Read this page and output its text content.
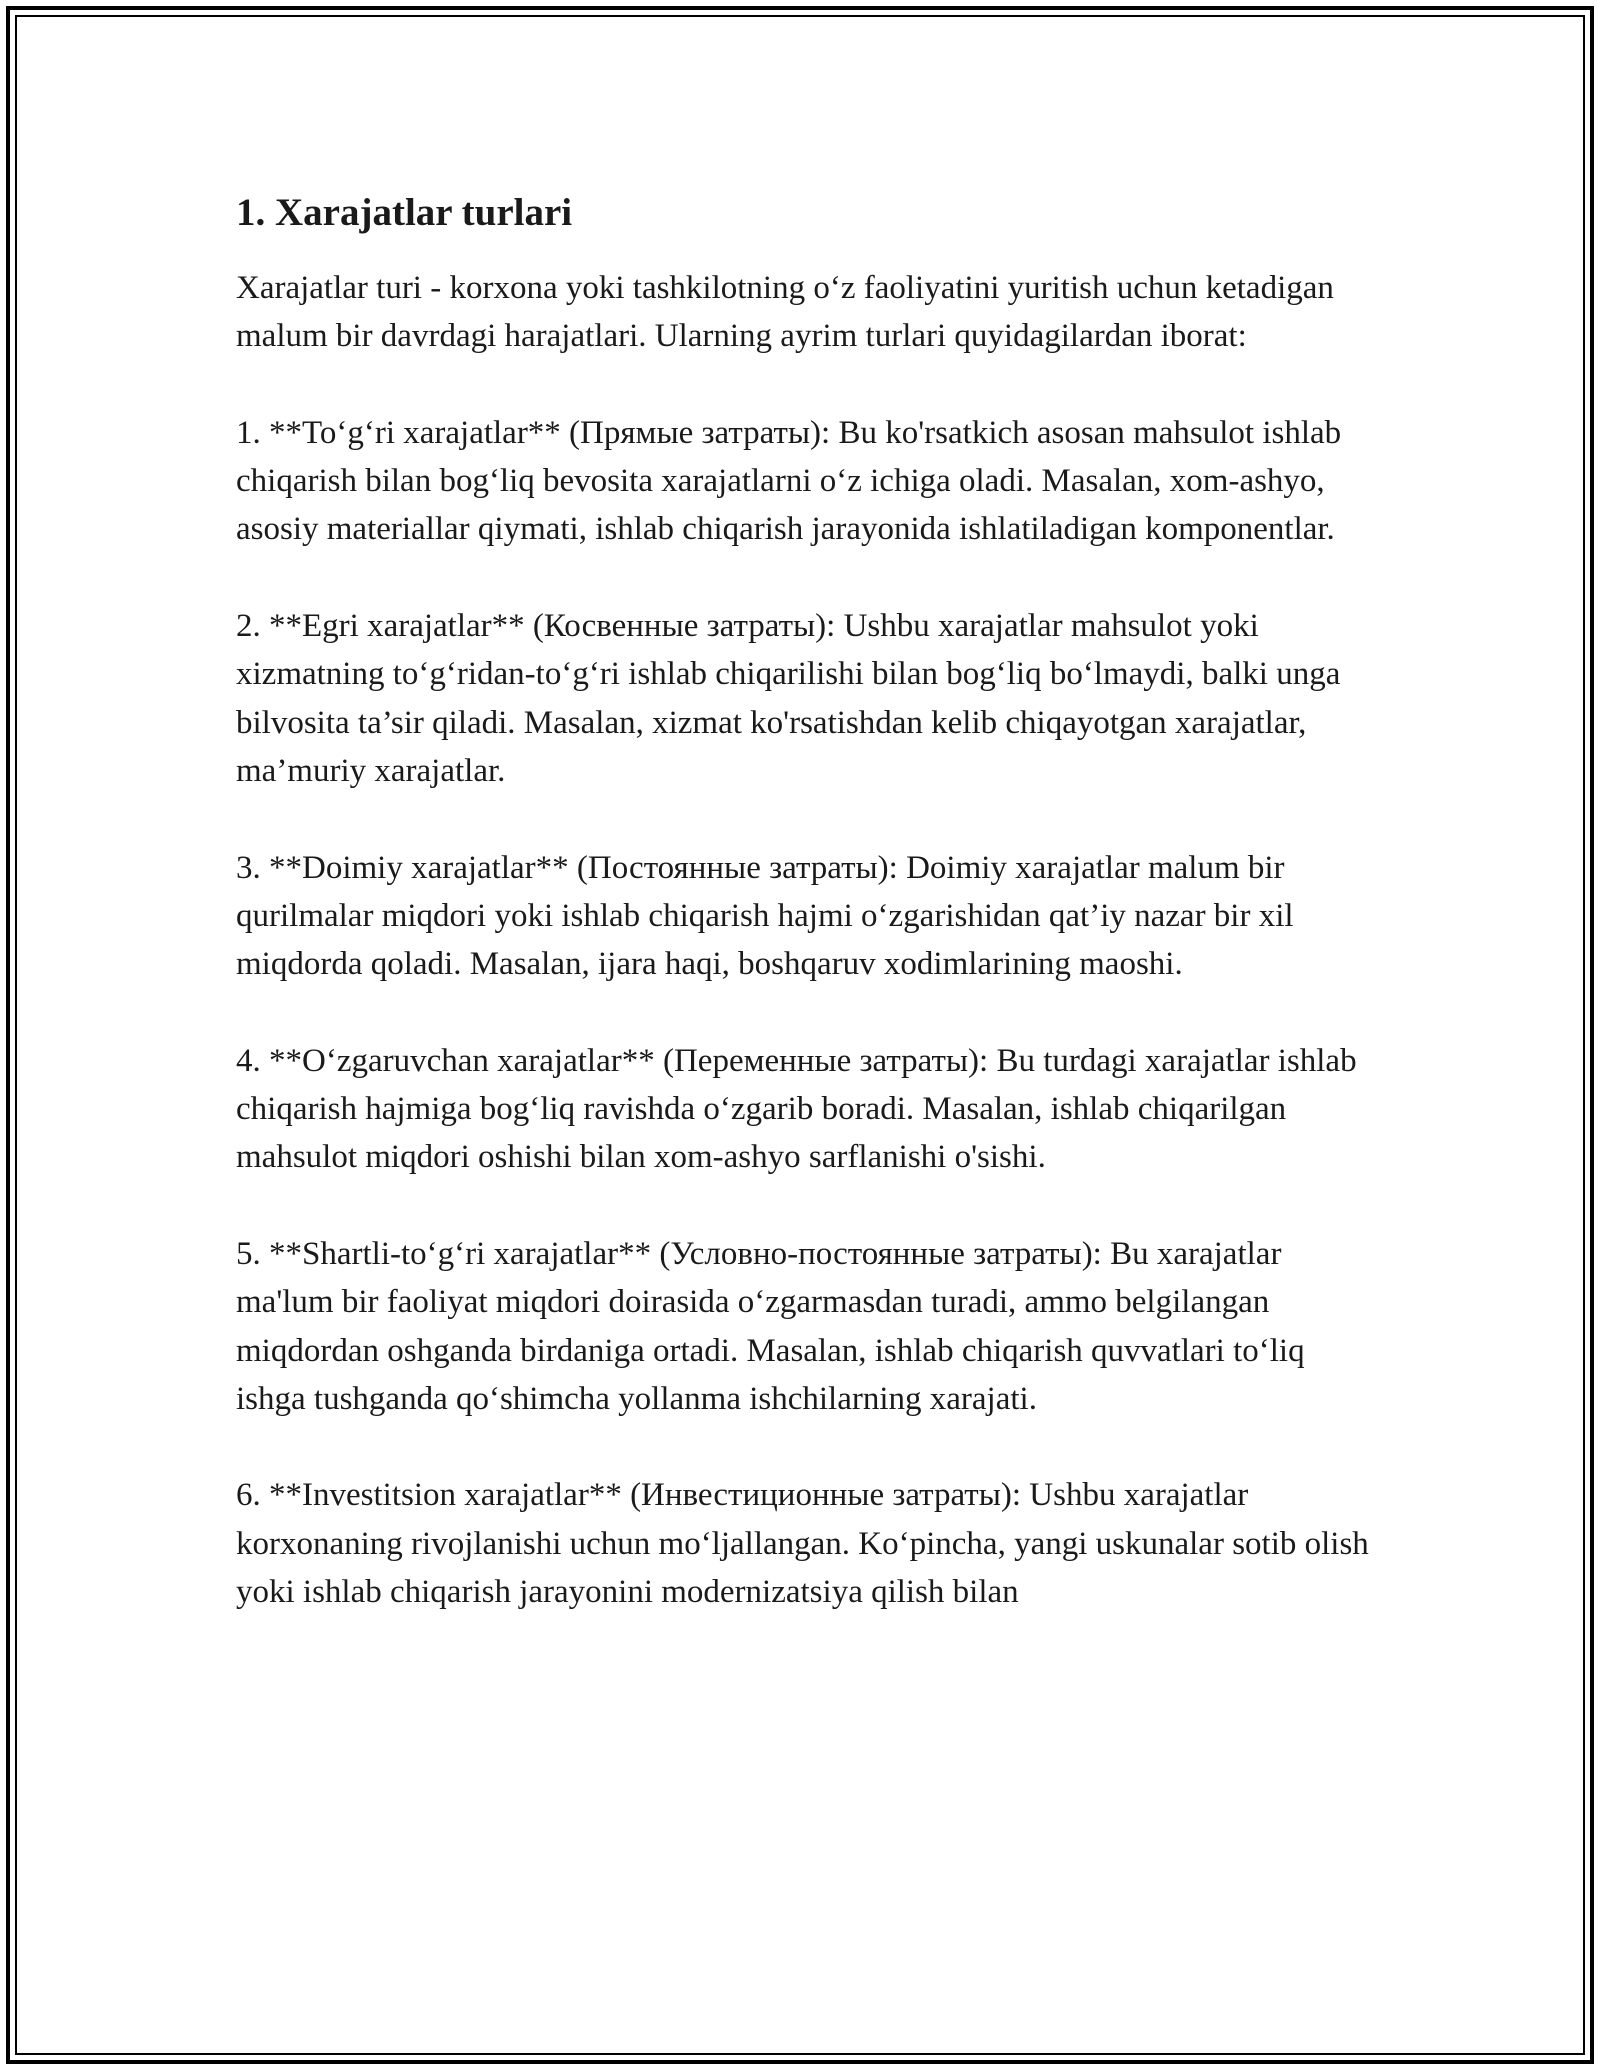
1. Xarajatlar turlari

Xarajatlar turi - korxona yoki tashkilotning o‘z faoliyatini yuritish uchun ketadigan malum bir davrdagi harajatlari. Ularning ayrim turlari quyidagilardan iborat:

1. **To‘g‘ri xarajatlar** (Прямые затраты): Bu ko'rsatkich asosan mahsulot ishlab chiqarish bilan bog‘liq bevosita xarajatlarni o‘z ichiga oladi. Masalan, xom-ashyo, asosiy materiallar qiymati, ishlab chiqarish jarayonida ishlatiladigan komponentlar.

2. **Egri xarajatlar** (Косвенные затраты): Ushbu xarajatlar mahsulot yoki xizmatning to‘g‘ridan-to‘g‘ri ishlab chiqarilishi bilan bog‘liq bo‘lmaydi, balki unga bilvosita ta’sir qiladi. Masalan, xizmat ko'rsatishdan kelib chiqayotgan xarajatlar, ma’muriy xarajatlar.

3. **Doimiy xarajatlar** (Постоянные затраты): Doimiy xarajatlar malum bir qurilmalar miqdori yoki ishlab chiqarish hajmi o‘zgarishidan qat’iy nazar bir xil miqdorda qoladi. Masalan, ijara haqi, boshqaruv xodimlarining maoshi.

4. **O‘zgaruvchan xarajatlar** (Переменные затраты): Bu turdagi xarajatlar ishlab chiqarish hajmiga bog‘liq ravishda o‘zgarib boradi. Masalan, ishlab chiqarilgan mahsulot miqdori oshishi bilan xom-ashyo sarflanishi o'sishi.

5. **Shartli-to‘g‘ri xarajatlar** (Условно-постоянные затраты): Bu xarajatlar ma'lum bir faoliyat miqdori doirasida o‘zgarmasdan turadi, ammo belgilangan miqdordan oshganda birdaniga ortadi. Masalan, ishlab chiqarish quvvatlari to‘liq ishga tushganda qo‘shimcha yollanma ishchilarning xarajati.

6. **Investitsion xarajatlar** (Инвестиционные затраты): Ushbu xarajatlar korxonaning rivojlanishi uchun mo‘ljallangan. Ko‘pincha, yangi uskunalar sotib olish yoki ishlab chiqarish jarayonini modernizatsiya qilish bilan
